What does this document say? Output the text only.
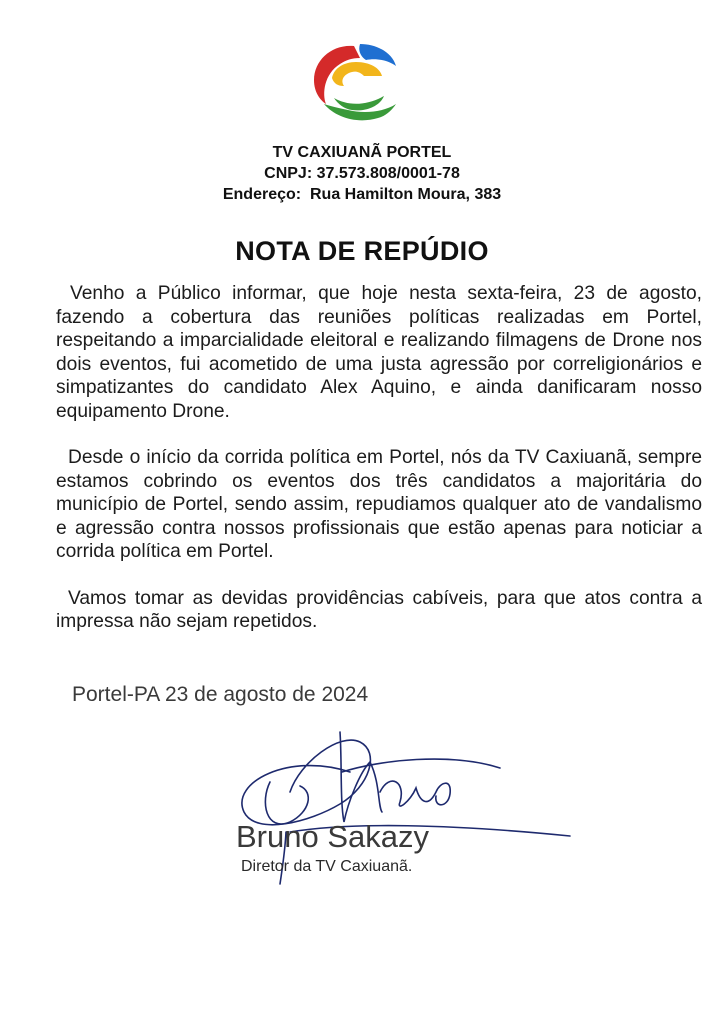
TV CAXIUANÃ PORTEL
CNPJ: 37.573.808/0001-78
Endereço:  Rua Hamilton Moura, 383
NOTA DE REPÚDIO

Venho a Público informar, que hoje nesta sexta-feira, 23 de agosto, fazendo a cobertura das reuniões políticas realizadas em Portel, respeitando a imparcialidade eleitoral e realizando filmagens de Drone nos dois eventos, fui acometido de uma justa agressão por correligionários e simpatizantes do candidato Alex Aquino, e ainda danificaram nosso equipamento Drone.

Desde o início da corrida política em Portel, nós da TV Caxiuanã, sempre estamos cobrindo os eventos dos três candidatos a majoritária do município de Portel, sendo assim, repudiamos qualquer ato de vandalismo e agressão contra nossos profissionais que estão apenas para noticiar a corrida política em Portel.

Vamos tomar as devidas providências cabíveis, para que atos contra a impressa não sejam repetidos.

Portel-PA 23 de agosto de 2024
Bruno Sakazy
Diretor da TV Caxiuanã.
